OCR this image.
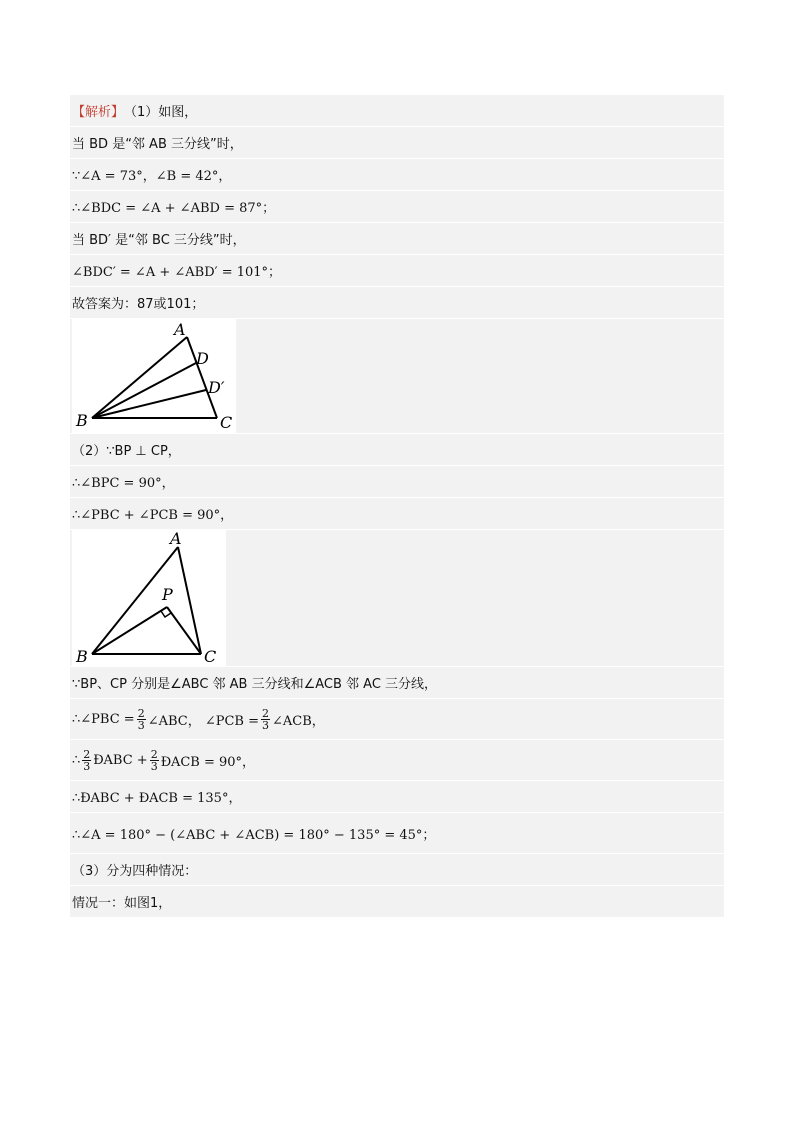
【解析】 （1）如图，
当 BD 是“邻 AB 三分线”时，
∵∠A = 73°，∠B = 42°，
∴∠BDC = ∠A + ∠ABD = 87°；
当 BD′ 是“邻 BC 三分线”时，
∠BDC′ = ∠A + ∠ABD′ = 101°；
故答案为：87或101；
A
D
D′
B	C
（2）∵BP ⊥ CP，
∴∠BPC = 90°，
∴∠PBC + ∠PCB = 90°，
A
P
B	C
∵BP、CP 分别是∠ABC 邻 AB 三分线和∠ACB 邻 AC 三分线，
∴∠PBC = $\frac{2}{3}$ ∠ABC， ∠PCB = $\frac{2}{3}$ ∠ACB，
∴ $\frac{2}{3}$ ÐABC + $\frac{2}{3}$ ÐACB = 90°，
∴ÐABC + ÐACB = 135°，
∴∠A = 180° − (∠ABC + ∠ACB) = 180° − 135° = 45°；
（3）分为四种情况：
情况一：如图1，
